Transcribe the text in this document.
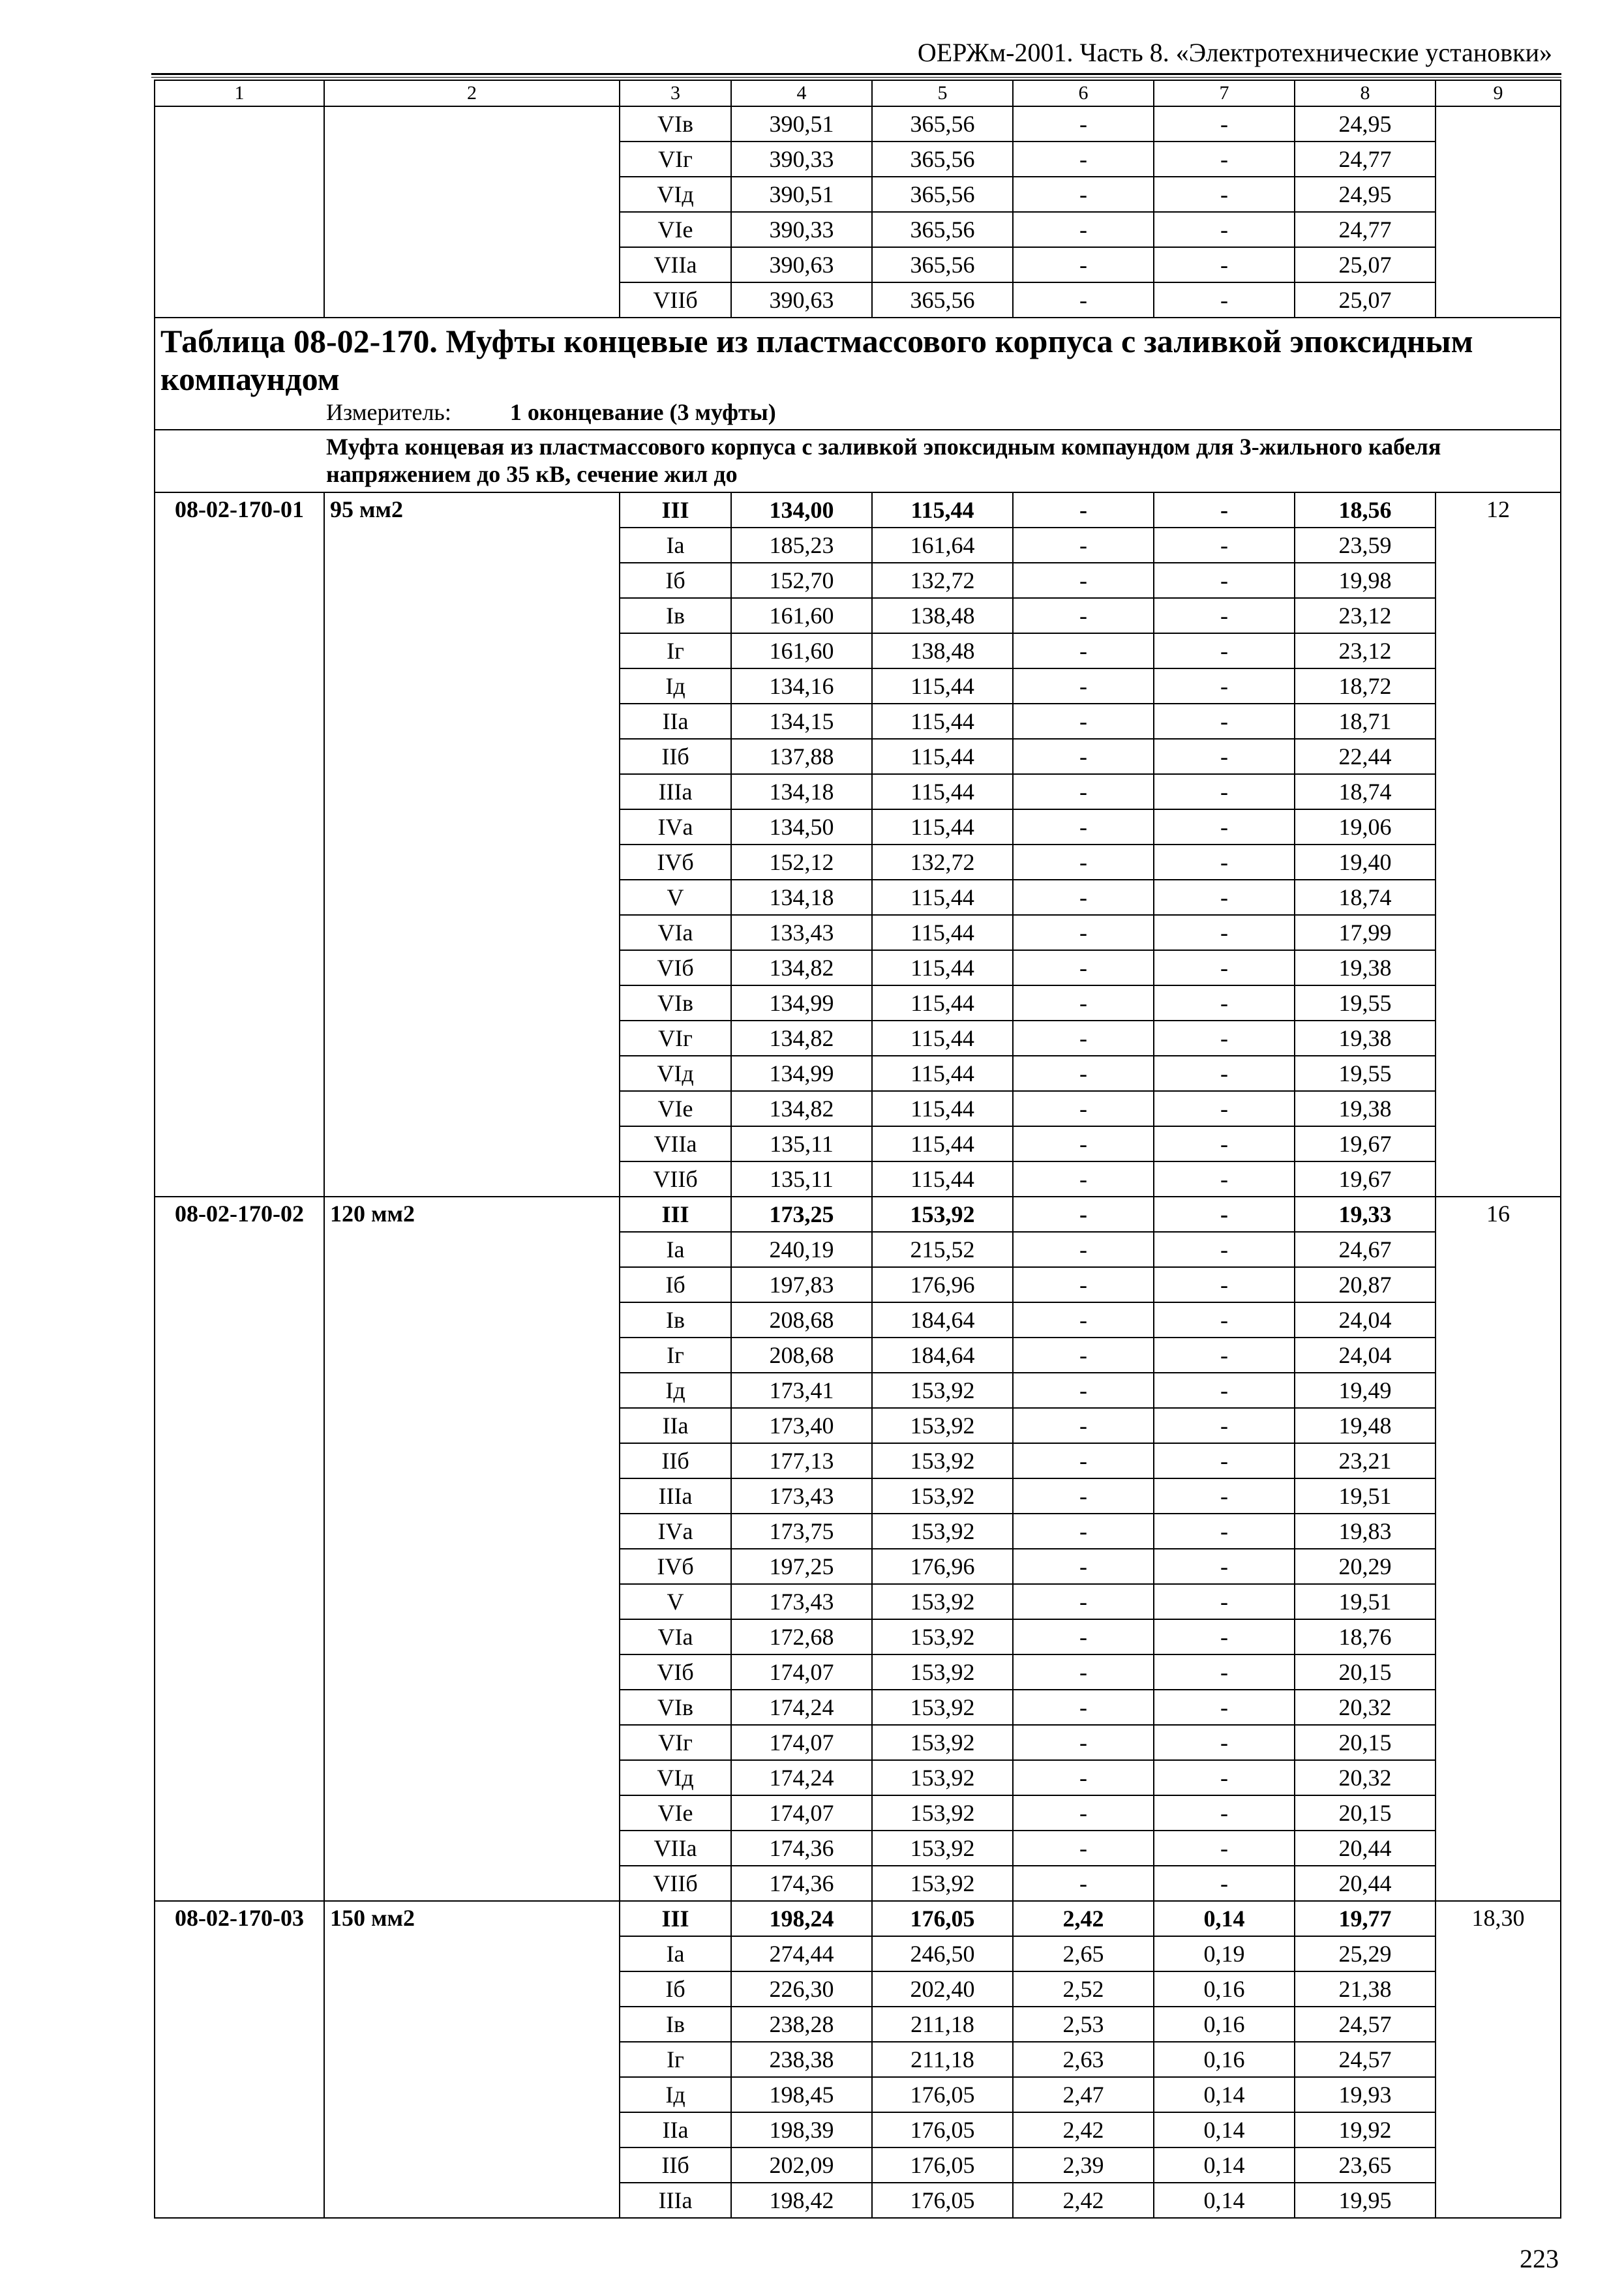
ОЕРЖм-2001. Часть 8. «Электротехнические установки»
1	2	3	4	5	6	7	8	9
		VIв	390,51	365,56	-	-	24,95	
		VIг	390,33	365,56	-	-	24,77	
		VIд	390,51	365,56	-	-	24,95	
		VIе	390,33	365,56	-	-	24,77	
		VIIа	390,63	365,56	-	-	25,07	
		VIIб	390,63	365,56	-	-	25,07	

Таблица 08-02-170. Муфты концевые из пластмассового корпуса с заливкой эпоксидным компаундом
Измеритель: 1 оконцевание (3 муфты)								

Муфта концевая из пластмассового корпуса с заливкой эпоксидным компаундом для 3-жильного кабеля напряжением до 35 кВ, сечение жил до								
08-02-170-01	95 мм2	III	134,00	115,44	-	-	18,56	12
		Iа	185,23	161,64	-	-	23,59	
		Iб	152,70	132,72	-	-	19,98	
		Iв	161,60	138,48	-	-	23,12	
		Iг	161,60	138,48	-	-	23,12	
		Iд	134,16	115,44	-	-	18,72	
		IIа	134,15	115,44	-	-	18,71	
		IIб	137,88	115,44	-	-	22,44	
		IIIа	134,18	115,44	-	-	18,74	
		IVа	134,50	115,44	-	-	19,06	
		IVб	152,12	132,72	-	-	19,40	
		V	134,18	115,44	-	-	18,74	
		VIа	133,43	115,44	-	-	17,99	
		VIб	134,82	115,44	-	-	19,38	
		VIв	134,99	115,44	-	-	19,55	
		VIг	134,82	115,44	-	-	19,38	
		VIд	134,99	115,44	-	-	19,55	
		VIе	134,82	115,44	-	-	19,38	
		VIIа	135,11	115,44	-	-	19,67	
		VIIб	135,11	115,44	-	-	19,67	
08-02-170-02	120 мм2	III	173,25	153,92	-	-	19,33	16
		Iа	240,19	215,52	-	-	24,67	
		Iб	197,83	176,96	-	-	20,87	
		Iв	208,68	184,64	-	-	24,04	
		Iг	208,68	184,64	-	-	24,04	
		Iд	173,41	153,92	-	-	19,49	
		IIа	173,40	153,92	-	-	19,48	
		IIб	177,13	153,92	-	-	23,21	
		IIIа	173,43	153,92	-	-	19,51	
		IVа	173,75	153,92	-	-	19,83	
		IVб	197,25	176,96	-	-	20,29	
		V	173,43	153,92	-	-	19,51	
		VIа	172,68	153,92	-	-	18,76	
		VIб	174,07	153,92	-	-	20,15	
		VIв	174,24	153,92	-	-	20,32	
		VIг	174,07	153,92	-	-	20,15	
		VIд	174,24	153,92	-	-	20,32	
		VIе	174,07	153,92	-	-	20,15	
		VIIа	174,36	153,92	-	-	20,44	
		VIIб	174,36	153,92	-	-	20,44	
08-02-170-03	150 мм2	III	198,24	176,05	2,42	0,14	19,77	18,30
		Iа	274,44	246,50	2,65	0,19	25,29	
		Iб	226,30	202,40	2,52	0,16	21,38	
		Iв	238,28	211,18	2,53	0,16	24,57	
		Iг	238,38	211,18	2,63	0,16	24,57	
		Iд	198,45	176,05	2,47	0,14	19,93	
		IIа	198,39	176,05	2,42	0,14	19,92	
		IIб	202,09	176,05	2,39	0,14	23,65	
		IIIа	198,42	176,05	2,42	0,14	19,95	
223
